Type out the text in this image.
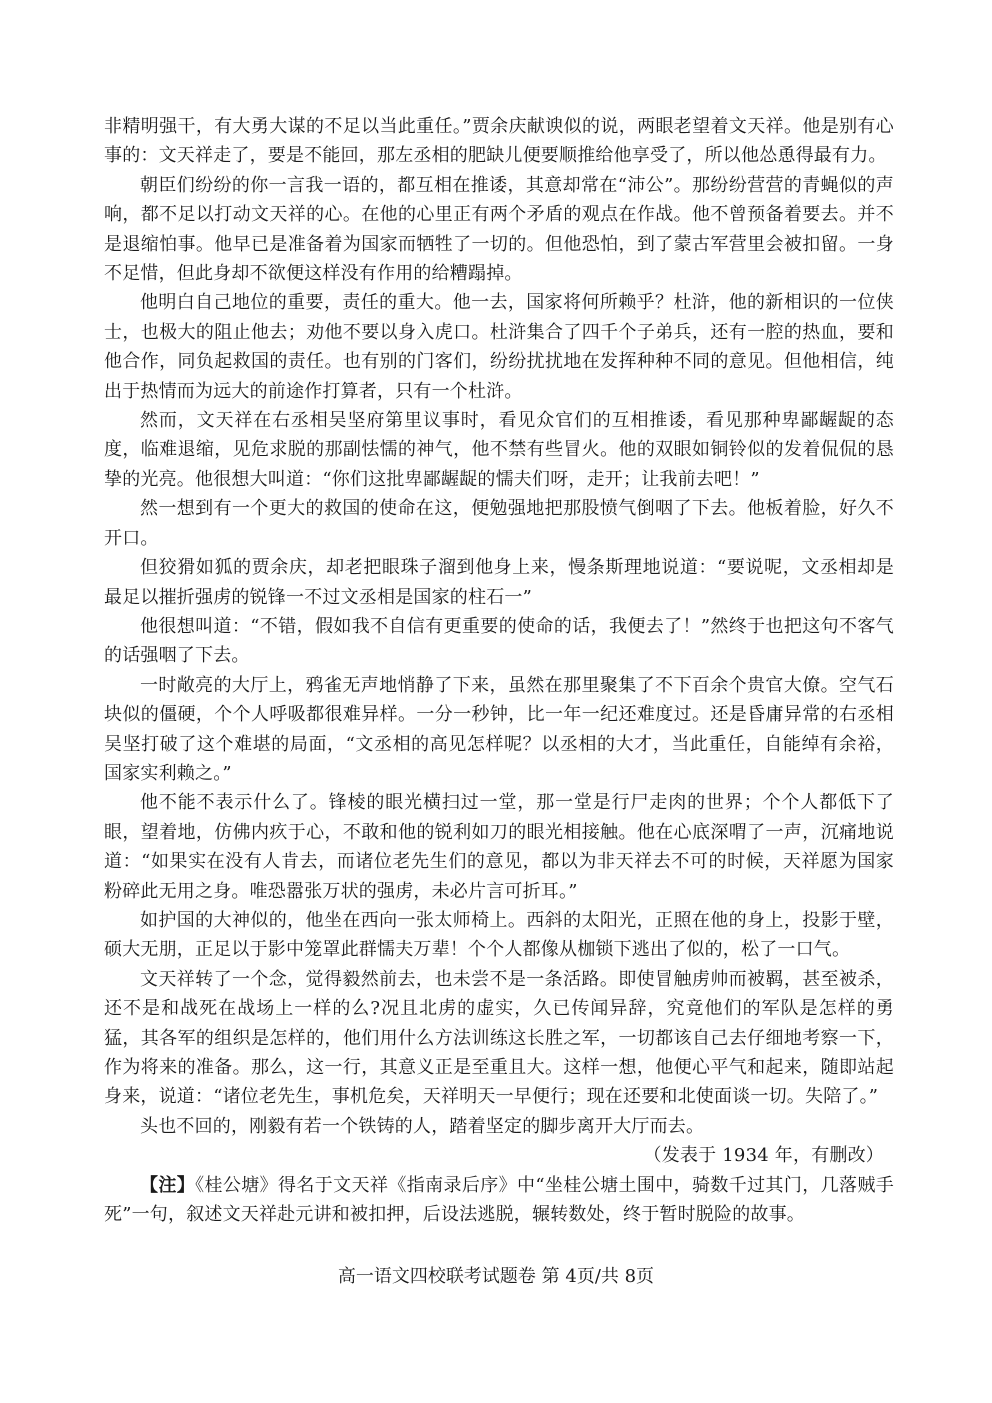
非精明强干，有大勇大谋的不足以当此重任。”贾余庆献谀似的说，两眼老望着文天祥。他是别有心事的：文天祥走了，要是不能回，那左丞相的肥缺儿便要顺推给他享受了，所以他怂恿得最有力。

朝臣们纷纷的你一言我一语的，都互相在推诿，其意却常在“沛公”。那纷纷营营的青蝇似的声响，都不足以打动文天祥的心。在他的心里正有两个矛盾的观点在作战。他不曾预备着要去。并不是退缩怕事。他早已是准备着为国家而牺牲了一切的。但他恐怕，到了蒙古军营里会被扣留。一身不足惜，但此身却不欲便这样没有作用的给糟蹋掉。

他明白自己地位的重要，责任的重大。他一去，国家将何所赖乎？杜浒，他的新相识的一位侠士，也极大的阻止他去；劝他不要以身入虎口。杜浒集合了四千个子弟兵，还有一腔的热血，要和他合作，同负起救国的责任。也有别的门客们，纷纷扰扰地在发挥种种不同的意见。但他相信，纯出于热情而为远大的前途作打算者，只有一个杜浒。

然而，文天祥在右丞相吴坚府第里议事时，看见众官们的互相推诿，看见那种卑鄙龌龊的态度，临难退缩，见危求脱的那副怯懦的神气，他不禁有些冒火。他的双眼如铜铃似的发着侃侃的恳挚的光亮。他很想大叫道：“你们这批卑鄙龌龊的懦夫们呀，走开；让我前去吧！”

然一想到有一个更大的救国的使命在这，便勉强地把那股愤气倒咽了下去。他板着脸，好久不开口。

但狡猾如狐的贾余庆，却老把眼珠子溜到他身上来，慢条斯理地说道：“要说呢，文丞相却是最足以摧折强虏的锐锋一不过文丞相是国家的柱石一”

他很想叫道：“不错，假如我不自信有更重要的使命的话，我便去了！”然终于也把这句不客气的话强咽了下去。

一时敞亮的大厅上，鸦雀无声地悄静了下来，虽然在那里聚集了不下百余个贵官大僚。空气石块似的僵硬，个个人呼吸都很难异样。一分一秒钟，比一年一纪还难度过。还是昏庸异常的右丞相吴坚打破了这个难堪的局面，“文丞相的高见怎样呢？以丞相的大才，当此重任，自能绰有余裕，国家实利赖之。”

他不能不表示什么了。锋棱的眼光横扫过一堂，那一堂是行尸走肉的世界；个个人都低下了眼，望着地，仿佛内疚于心，不敢和他的锐利如刀的眼光相接触。他在心底深喟了一声，沉痛地说道：“如果实在没有人肯去，而诸位老先生们的意见，都以为非天祥去不可的时候，天祥愿为国家粉碎此无用之身。唯恐嚣张万状的强虏，未必片言可折耳。”

如护国的大神似的，他坐在西向一张太师椅上。西斜的太阳光，正照在他的身上，投影于壁，硕大无朋，正足以于影中笼罩此群懦夫万辈！个个人都像从枷锁下逃出了似的，松了一口气。

文天祥转了一个念，觉得毅然前去，也未尝不是一条活路。即使冒触虏帅而被羁，甚至被杀，还不是和战死在战场上一样的么?况且北虏的虚实，久已传闻异辞，究竟他们的军队是怎样的勇猛，其各军的组织是怎样的，他们用什么方法训练这长胜之军，一切都该自己去仔细地考察一下，作为将来的准备。那么，这一行，其意义正是至重且大。这样一想，他便心平气和起来，随即站起身来，说道：“诸位老先生，事机危矣，天祥明天一早便行；现在还要和北使面谈一切。失陪了。”

头也不回的，刚毅有若一个铁铸的人，踏着坚定的脚步离开大厅而去。

（发表于 1934 年，有删改）

【注】《桂公塘》得名于文天祥《指南录后序》中“坐桂公塘土围中，骑数千过其门，几落贼手死”一句，叙述文天祥赴元讲和被扣押，后设法逃脱，辗转数处，终于暂时脱险的故事。

高一语文四校联考试题卷 第 4页/共 8页
